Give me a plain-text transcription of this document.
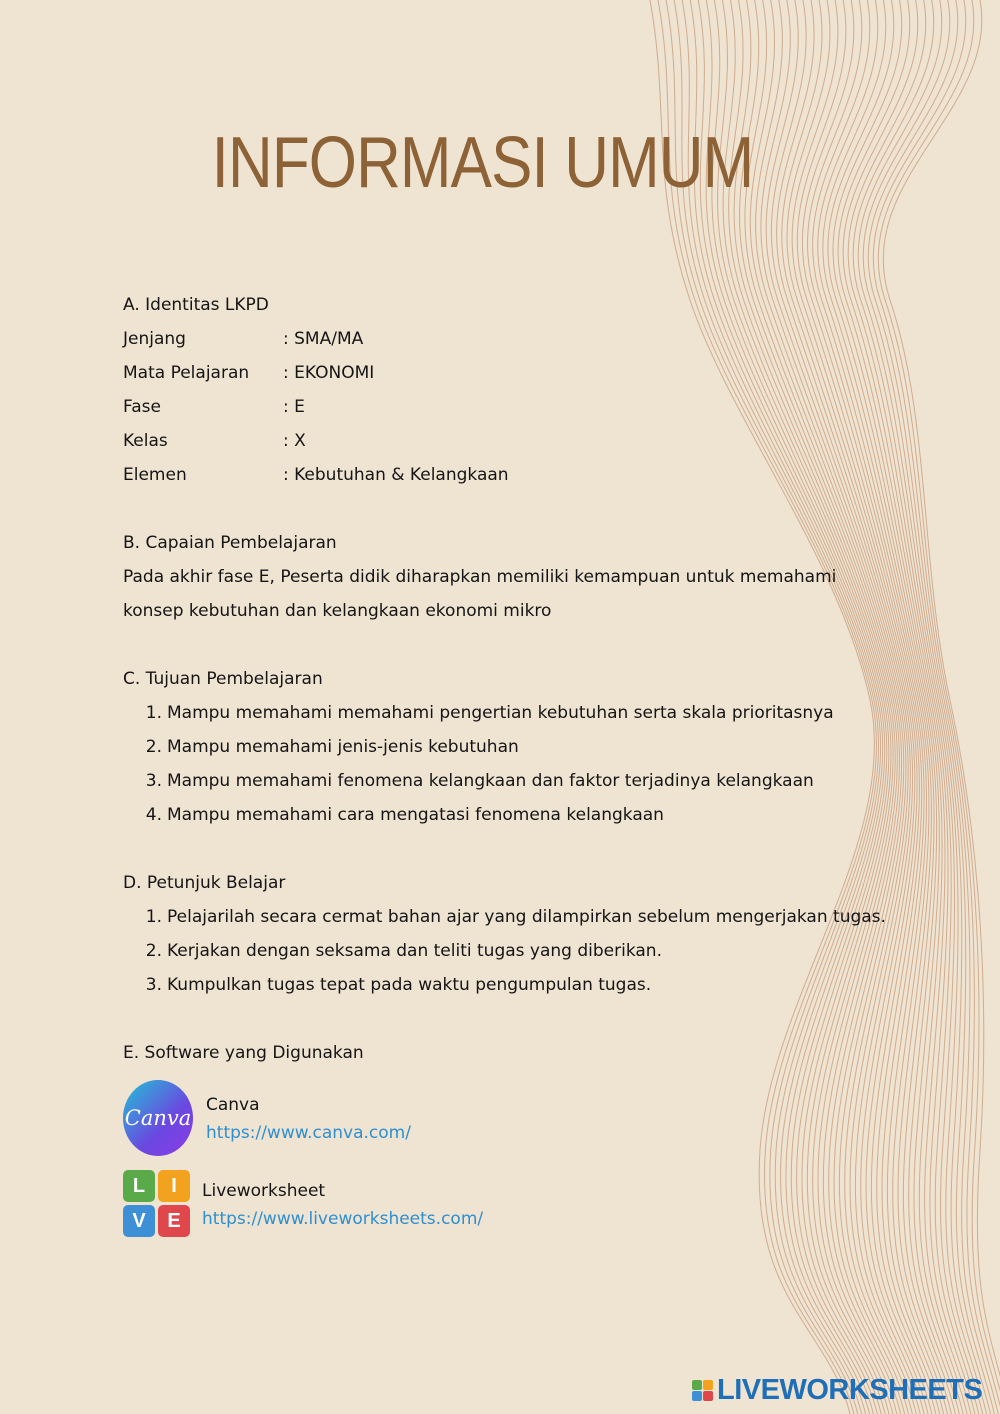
INFORMASI UMUM
A. Identitas LKPD
Jenjang	: SMA/MA
Mata Pelajaran	: EKONOMI
Fase	: E
Kelas	: X
Elemen	: Kebutuhan & Kelangkaan
B. Capaian Pembelajaran
Pada akhir fase E, Peserta didik diharapkan memiliki kemampuan untuk memahami
konsep kebutuhan dan kelangkaan ekonomi mikro
C. Tujuan Pembelajaran
1. Mampu memahami memahami pengertian kebutuhan serta skala prioritasnya
2. Mampu memahami jenis-jenis kebutuhan
3. Mampu memahami fenomena kelangkaan dan faktor terjadinya kelangkaan
4. Mampu memahami cara mengatasi fenomena kelangkaan
D. Petunjuk Belajar
1. Pelajarilah secara cermat bahan ajar yang dilampirkan sebelum mengerjakan tugas.
2. Kerjakan dengan seksama dan teliti tugas yang diberikan.
3. Kumpulkan tugas tepat pada waktu pengumpulan tugas.
E. Software yang Digunakan
Canva
Canva
https://www.canva.com/
L	I
V	E
Liveworksheet
https://www.liveworksheets.com/
LIVEWORKSHEETS
